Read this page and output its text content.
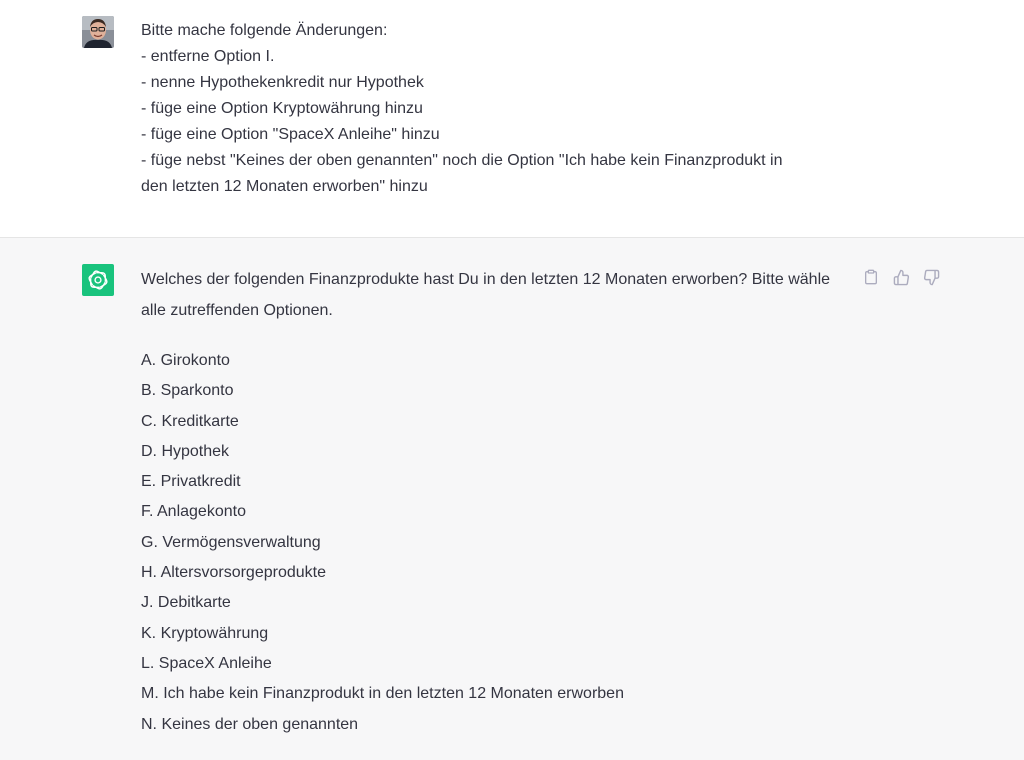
Bitte mache folgende Änderungen:
- entferne Option I.
- nenne Hypothekenkredit nur Hypothek
- füge eine Option Kryptowährung hinzu
- füge eine Option "SpaceX Anleihe" hinzu
- füge nebst "Keines der oben genannten" noch die Option "Ich habe kein Finanzprodukt in
den letzten 12 Monaten erworben" hinzu

Welches der folgenden Finanzprodukte hast Du in den letzten 12 Monaten erworben? Bitte wähle alle zutreffenden Optionen.

A. Girokonto
B. Sparkonto
C. Kreditkarte
D. Hypothek
E. Privatkredit
F. Anlagekonto
G. Vermögensverwaltung
H. Altersvorsorgeprodukte
J. Debitkarte
K. Kryptowährung
L. SpaceX Anleihe
M. Ich habe kein Finanzprodukt in den letzten 12 Monaten erworben
N. Keines der oben genannten
